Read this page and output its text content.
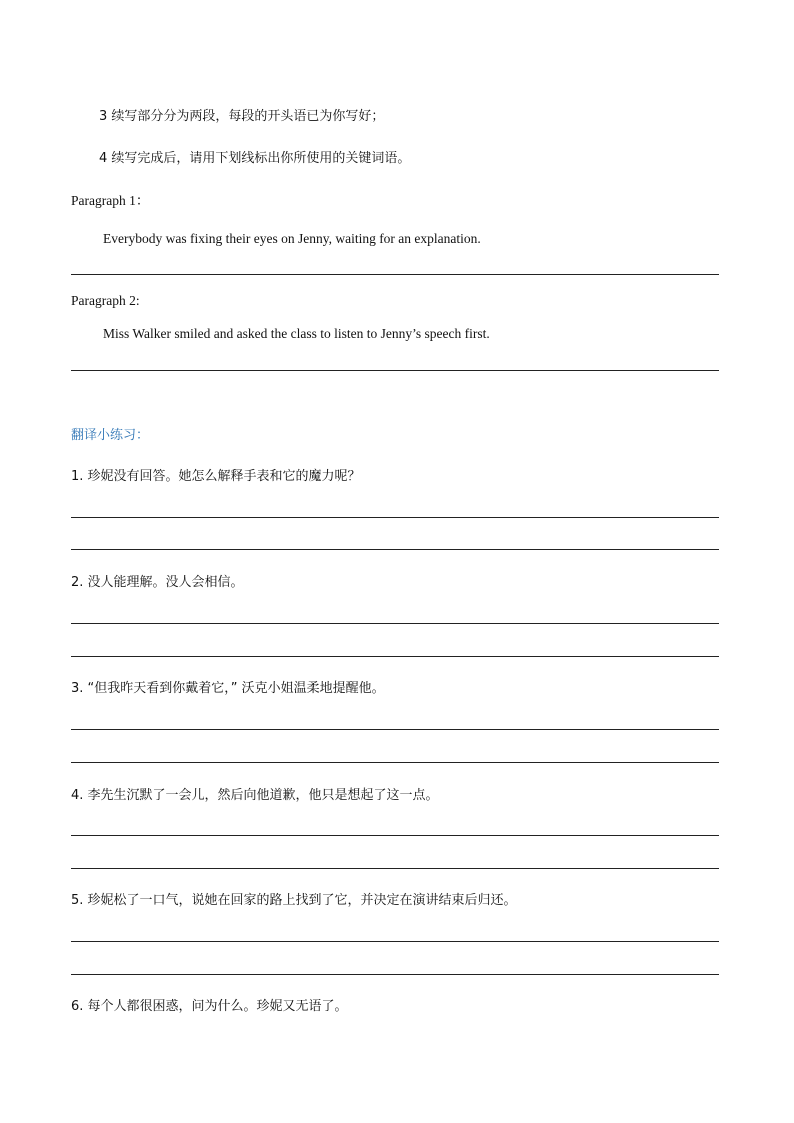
3 续写部分分为两段，每段的开头语已为你写好；
4 续写完成后，请用下划线标出你所使用的关键词语。
Paragraph 1：
Everybody was fixing their eyes on Jenny, waiting for an explanation.
Paragraph 2:
Miss Walker smiled and asked the class to listen to Jenny’s speech first.
翻译小练习：
1. 珍妮没有回答。她怎么解释手表和它的魔力呢？
2. 没人能理解。没人会相信。
3. “但我昨天看到你戴着它，” 沃克小姐温柔地提醒他。
4. 李先生沉默了一会儿，然后向他道歉，他只是想起了这一点。
5. 珍妮松了一口气，说她在回家的路上找到了它，并决定在演讲结束后归还。
6. 每个人都很困惑，问为什么。珍妮又无语了。
